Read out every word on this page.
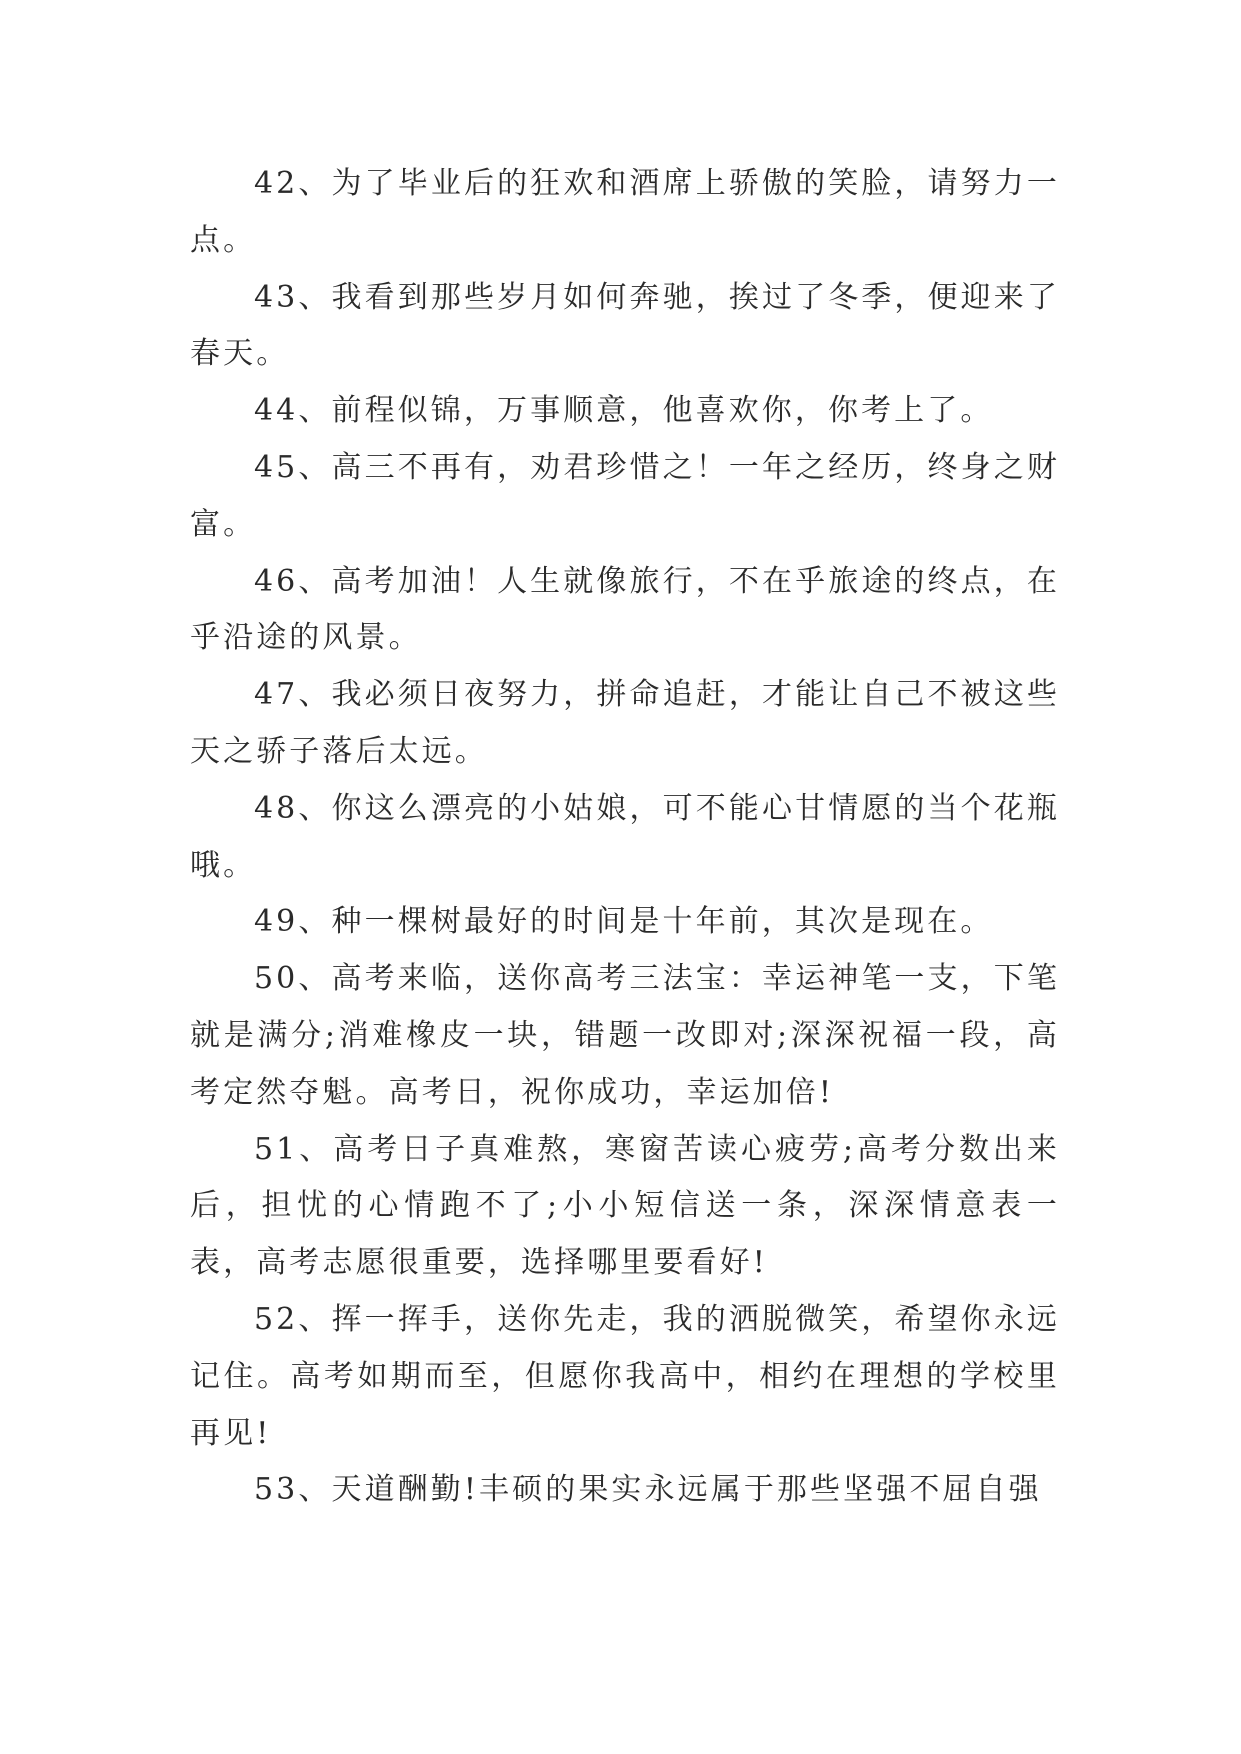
42、为了毕业后的狂欢和酒席上骄傲的笑脸，请努力一点。

43、我看到那些岁月如何奔驰，挨过了冬季，便迎来了春天。

44、前程似锦，万事顺意，他喜欢你，你考上了。

45、高三不再有，劝君珍惜之！一年之经历，终身之财富。

46、高考加油！人生就像旅行，不在乎旅途的终点，在乎沿途的风景。

47、我必须日夜努力，拼命追赶，才能让自己不被这些天之骄子落后太远。

48、你这么漂亮的小姑娘，可不能心甘情愿的当个花瓶哦。

49、种一棵树最好的时间是十年前，其次是现在。

50、高考来临，送你高考三法宝：幸运神笔一支，下笔就是满分;消难橡皮一块，错题一改即对;深深祝福一段，高考定然夺魁。高考日，祝你成功，幸运加倍!

51、高考日子真难熬，寒窗苦读心疲劳;高考分数出来后，担忧的心情跑不了;小小短信送一条，深深情意表一表，高考志愿很重要，选择哪里要看好!

52、挥一挥手，送你先走，我的洒脱微笑，希望你永远记住。高考如期而至，但愿你我高中，相约在理想的学校里再见!

53、天道酬勤!丰硕的果实永远属于那些坚强不屈自强
